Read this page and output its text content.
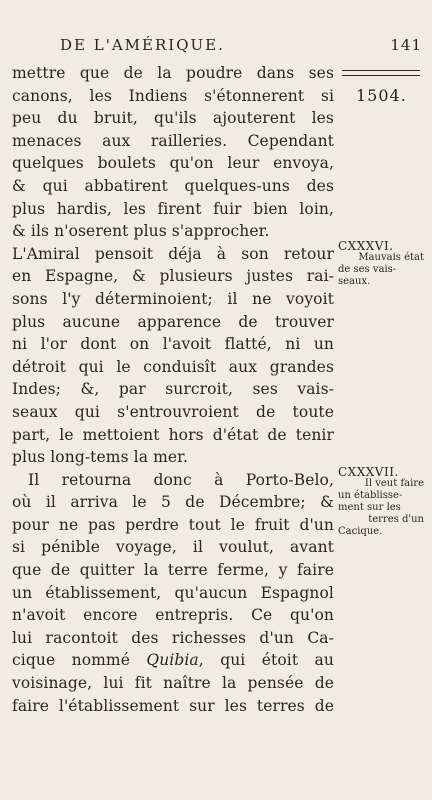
DE L'AMÉRIQUE.	141
1504.
mettre que de la poudre dans ses
canons, les Indiens s'étonnerent si
peu du bruit, qu'ils ajouterent les
menaces aux railleries. Cependant
quelques boulets qu'on leur envoya,
& qui abbatirent quelques-uns des
plus hardis, les firent fuir bien loin,
& ils n'oserent plus s'approcher.
L'Amiral pensoit déja à son retour
en Espagne, & plusieurs justes rai-
sons l'y déterminoient; il ne voyoit
plus aucune apparence de trouver
ni l'or dont on l'avoit flatté, ni un
détroit qui le conduisît aux grandes
Indes; &, par surcroit, ses vais-
seaux qui s'entrouvroient de toute
part, le mettoient hors d'état de tenir
plus long-tems la mer.
Il retourna donc à Porto-Belo,
où il arriva le 5 de Décembre; &
pour ne pas perdre tout le fruit d'un
si pénible voyage, il voulut, avant
que de quitter la terre ferme, y faire
un établissement, qu'aucun Espagnol
n'avoit encore entrepris. Ce qu'on
lui racontoit des richesses d'un Ca-
cique nommé Quibia, qui étoit au
voisinage, lui fit naître la pensée de
faire l'établissement sur les terres de
CXXXVI.
Mauvais état
de ses vais-
seaux.
CXXXVII.
Il veut faire
un établisse-
ment sur les
terres d'un
Cacique.
